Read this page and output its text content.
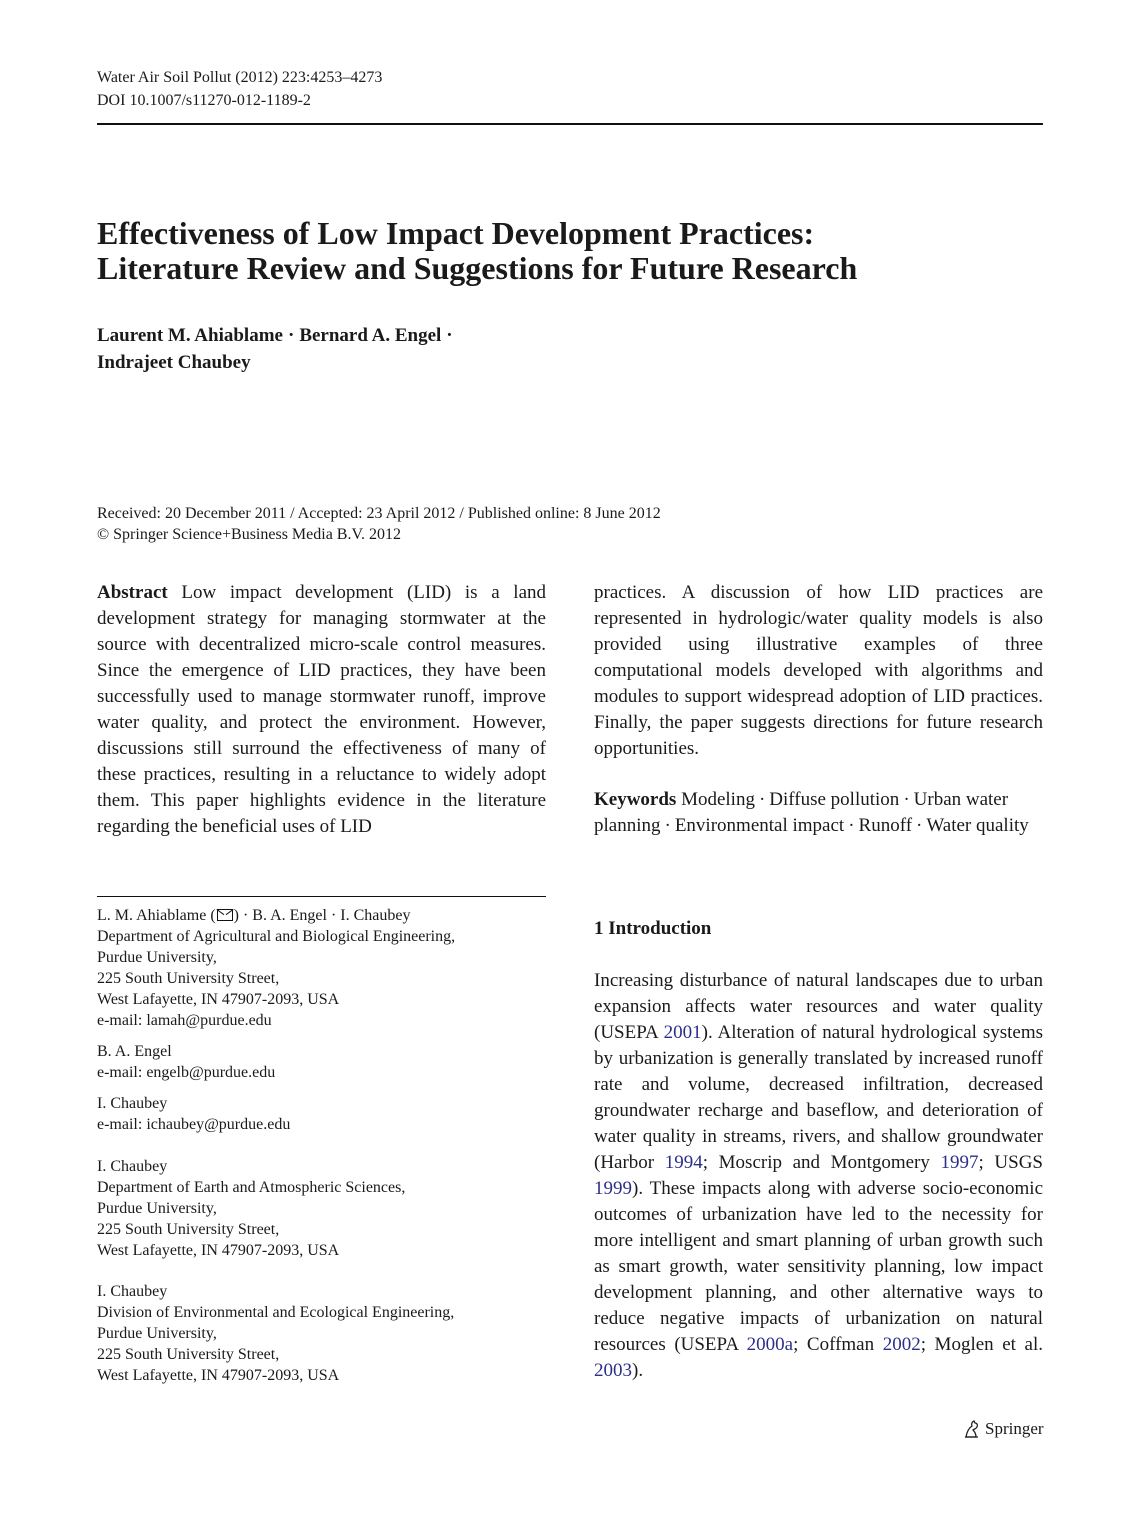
Water Air Soil Pollut (2012) 223:4253–4273
DOI 10.1007/s11270-012-1189-2
Effectiveness of Low Impact Development Practices:
Literature Review and Suggestions for Future Research
Laurent M. Ahiablame · Bernard A. Engel ·
Indrajeet Chaubey
Received: 20 December 2011 / Accepted: 23 April 2012 / Published online: 8 June 2012
© Springer Science+Business Media B.V. 2012
Abstract Low impact development (LID) is a land development strategy for managing stormwater at the source with decentralized micro-scale control measures. Since the emergence of LID practices, they have been successfully used to manage stormwater runoff, improve water quality, and protect the environment. However, discussions still surround the effectiveness of many of these practices, resulting in a reluctance to widely adopt them. This paper highlights evidence in the literature regarding the beneficial uses of LID
practices. A discussion of how LID practices are represented in hydrologic/water quality models is also provided using illustrative examples of three computational models developed with algorithms and modules to support widespread adoption of LID practices. Finally, the paper suggests directions for future research opportunities.
Keywords Modeling · Diffuse pollution · Urban water planning · Environmental impact · Runoff · Water quality
L. M. Ahiablame ( ) · B. A. Engel · I. Chaubey
Department of Agricultural and Biological Engineering,
Purdue University,
225 South University Street,
West Lafayette, IN 47907-2093, USA
e-mail: lamah@purdue.edu
B. A. Engel
e-mail: engelb@purdue.edu
I. Chaubey
e-mail: ichaubey@purdue.edu
I. Chaubey
Department of Earth and Atmospheric Sciences,
Purdue University,
225 South University Street,
West Lafayette, IN 47907-2093, USA
I. Chaubey
Division of Environmental and Ecological Engineering,
Purdue University,
225 South University Street,
West Lafayette, IN 47907-2093, USA
1 Introduction
Increasing disturbance of natural landscapes due to urban expansion affects water resources and water quality (USEPA 2001). Alteration of natural hydrological systems by urbanization is generally translated by increased runoff rate and volume, decreased infiltration, decreased groundwater recharge and baseflow, and deterioration of water quality in streams, rivers, and shallow groundwater (Harbor 1994; Moscrip and Montgomery 1997; USGS 1999). These impacts along with adverse socio-economic outcomes of urbanization have led to the necessity for more intelligent and smart planning of urban growth such as smart growth, water sensitivity planning, low impact development planning, and other alternative ways to reduce negative impacts of urbanization on natural resources (USEPA 2000a; Coffman 2002; Moglen et al. 2003).
Springer
